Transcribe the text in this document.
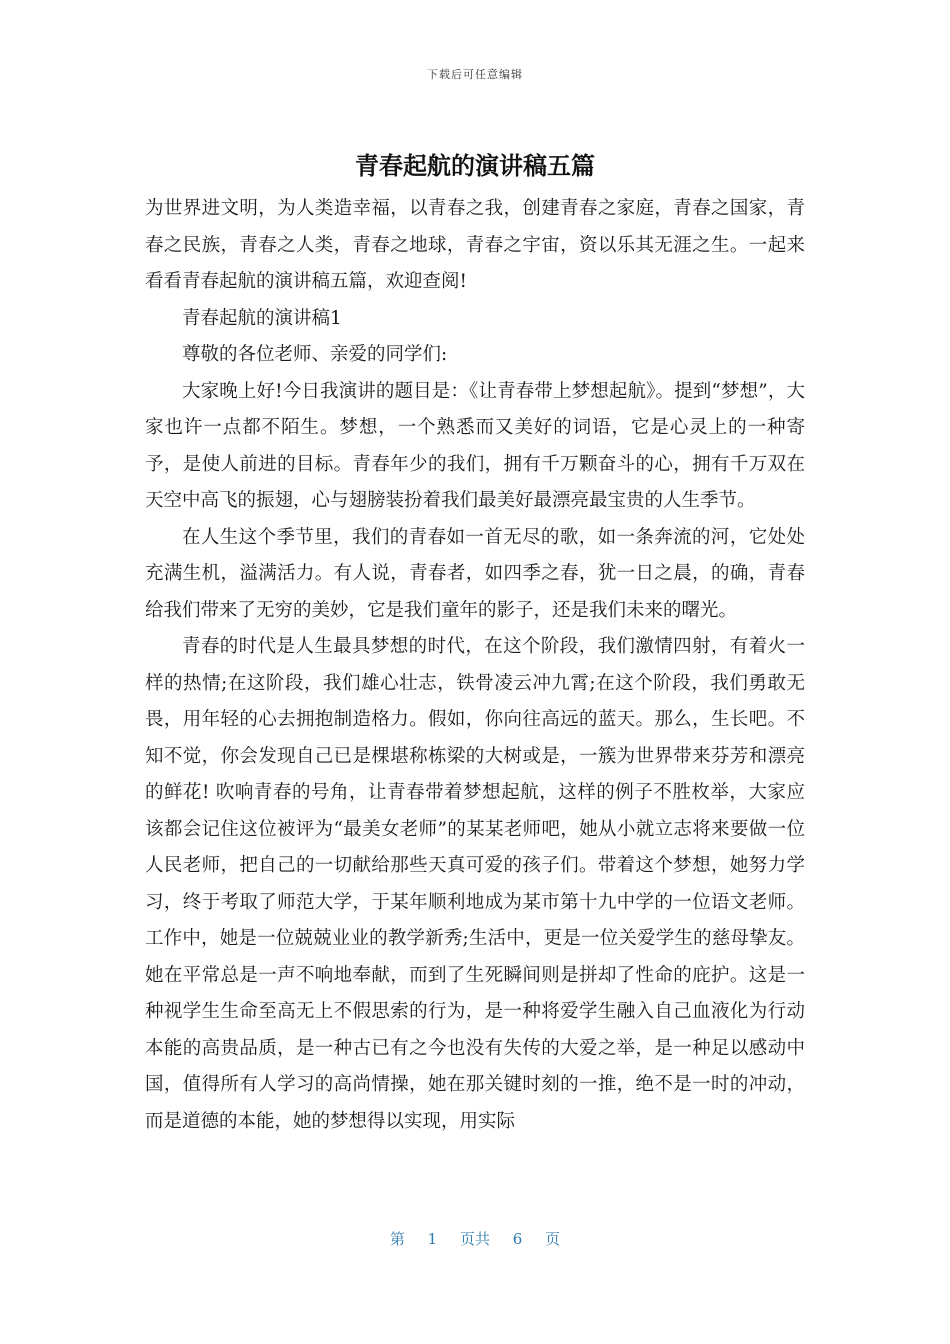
下载后可任意编辑
青春起航的演讲稿五篇

为世界进文明，为人类造幸福，以青春之我，创建青春之家庭，青春之国家，青春之民族，青春之人类，青春之地球，青春之宇宙，资以乐其无涯之生。一起来看看青春起航的演讲稿五篇，欢迎查阅!

青春起航的演讲稿1

尊敬的各位老师、亲爱的同学们:

大家晚上好!今日我演讲的题目是：《让青春带上梦想起航》。提到“梦想”，大家也许一点都不陌生。梦想，一个熟悉而又美好的词语，它是心灵上的一种寄予，是使人前进的目标。青春年少的我们，拥有千万颗奋斗的心，拥有千万双在天空中高飞的振翅，心与翅膀装扮着我们最美好最漂亮最宝贵的人生季节。

在人生这个季节里，我们的青春如一首无尽的歌，如一条奔流的河，它处处充满生机，溢满活力。有人说，青春者，如四季之春，犹一日之晨，的确，青春给我们带来了无穷的美妙，它是我们童年的影子，还是我们未来的曙光。

青春的时代是人生最具梦想的时代，在这个阶段，我们激情四射，有着火一样的热情;在这阶段，我们雄心壮志，铁骨凌云冲九霄;在这个阶段，我们勇敢无畏，用年轻的心去拥抱制造格力。假如，你向往高远的蓝天。那么，生长吧。不知不觉，你会发现自己已是棵堪称栋梁的大树或是，一簇为世界带来芬芳和漂亮的鲜花! 吹响青春的号角，让青春带着梦想起航，这样的例子不胜枚举，大家应该都会记住这位被评为“最美女老师”的某某老师吧，她从小就立志将来要做一位人民老师，把自己的一切献给那些天真可爱的孩子们。带着这个梦想，她努力学习，终于考取了师范大学，于某年顺利地成为某市第十九中学的一位语文老师。工作中，她是一位兢兢业业的教学新秀;生活中，更是一位关爱学生的慈母挚友。她在平常总是一声不响地奉献，而到了生死瞬间则是拼却了性命的庇护。这是一种视学生生命至高无上不假思索的行为，是一种将爱学生融入自己血液化为行动本能的高贵品质，是一种古已有之今也没有失传的大爱之举，是一种足以感动中国，值得所有人学习的高尚情操，她在那关键时刻的一推，绝不是一时的冲动，而是道德的本能，她的梦想得以实现，用实际

第 1 页共 6 页
